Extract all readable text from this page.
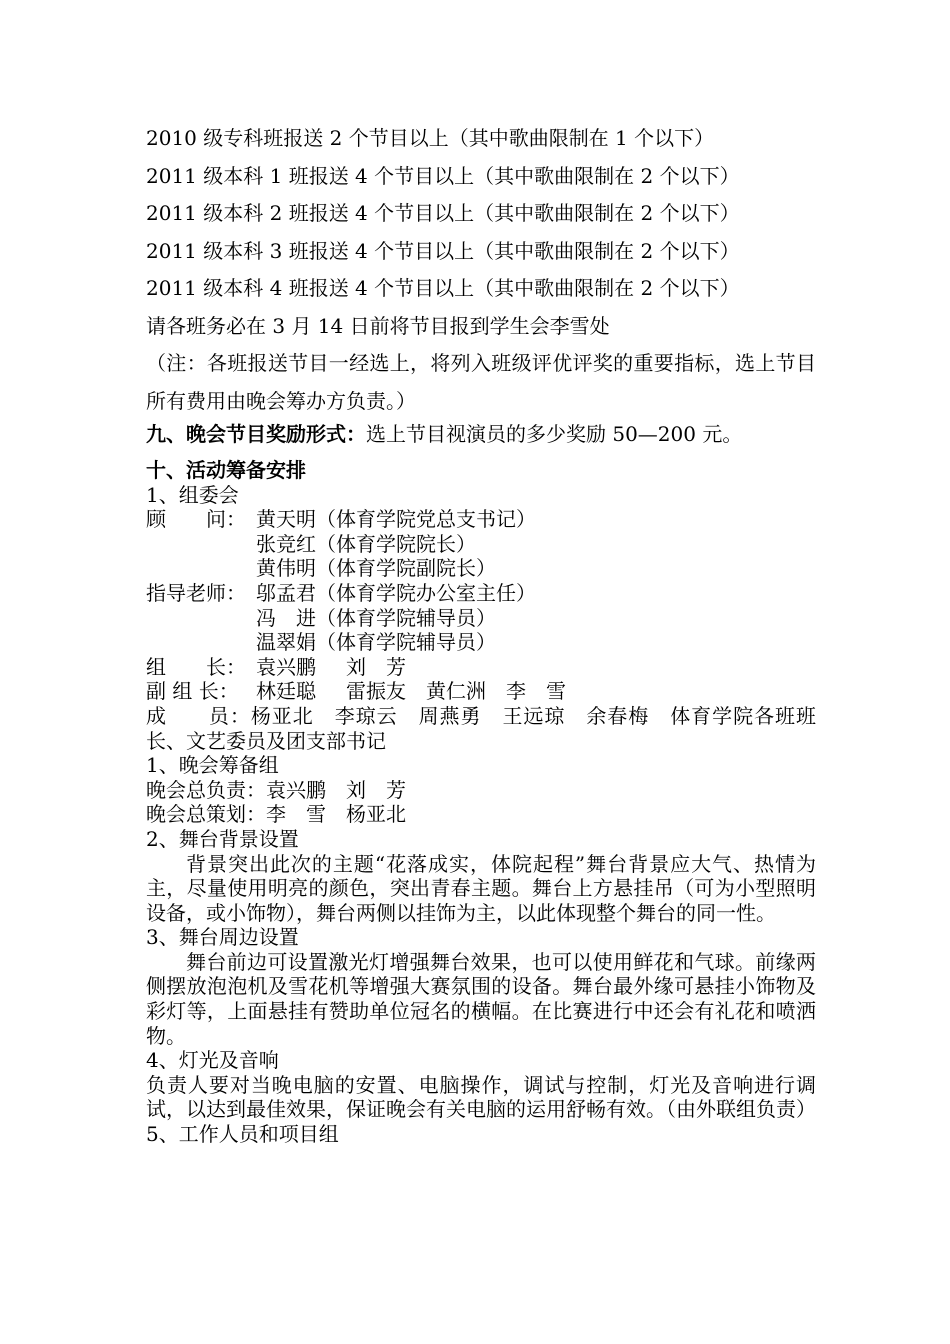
2010 级专科班报送 2 个节目以上（其中歌曲限制在 1 个以下）

2011 级本科 1 班报送 4 个节目以上（其中歌曲限制在 2 个以下）

2011 级本科 2 班报送 4 个节目以上（其中歌曲限制在 2 个以下）

2011 级本科 3 班报送 4 个节目以上（其中歌曲限制在 2 个以下）

2011 级本科 4 班报送 4 个节目以上（其中歌曲限制在 2 个以下）

请各班务必在 3 月 14 日前将节目报到学生会李雪处

（注：各班报送节目一经选上，将列入班级评优评奖的重要指标，选上节目所有费用由晚会筹办方负责。）

九、晚会节目奖励形式：选上节目视演员的多少奖励 50—200 元。

十、活动筹备安排

1、组委会

顾　　问： 黄天明（体育学院党总支书记）

张竞红（体育学院院长）

黄伟明（体育学院副院长）

指导老师： 邬孟君（体育学院办公室主任）

冯　进（体育学院辅导员）

温翠娟（体育学院辅导员）

组　　长： 袁兴鹏 刘　芳

副 组 长： 林廷聪 雷振友 黄仁洲 李　雪

成　　员：杨亚北　李琼云　周燕勇　王远琼　余春梅　体育学院各班班长、文艺委员及团支部书记

1、晚会筹备组

晚会总负责：袁兴鹏　刘　芳

晚会总策划：李　雪　杨亚北

2、舞台背景设置

背景突出此次的主题“花落成实，体院起程”舞台背景应大气、热情为主，尽量使用明亮的颜色，突出青春主题。舞台上方悬挂吊（可为小型照明设备，或小饰物），舞台两侧以挂饰为主，以此体现整个舞台的同一性。

3、舞台周边设置

舞台前边可设置激光灯增强舞台效果，也可以使用鲜花和气球。前缘两侧摆放泡泡机及雪花机等增强大赛氛围的设备。舞台最外缘可悬挂小饰物及彩灯等，上面悬挂有赞助单位冠名的横幅。在比赛进行中还会有礼花和喷洒物。

4、灯光及音响

负责人要对当晚电脑的安置、电脑操作，调试与控制，灯光及音响进行调试，以达到最佳效果，保证晚会有关电脑的运用舒畅有效。（由外联组负责）

5、工作人员和项目组
